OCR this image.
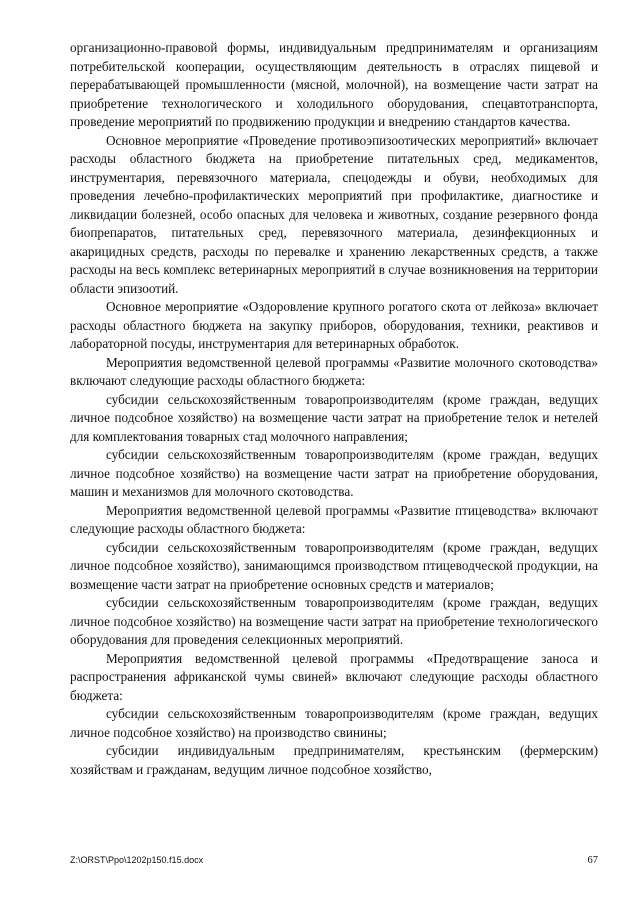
организационно-правовой формы, индивидуальным предпринимателям и организациям потребительской кооперации, осуществляющим деятельность в отраслях пищевой и перерабатывающей промышленности (мясной, молочной), на возмещение части затрат на приобретение технологического и холодильного оборудования, спецавтотранспорта, проведение мероприятий по продвижению продукции и внедрению стандартов качества.

Основное мероприятие «Проведение противоэпизоотических мероприятий» включает расходы областного бюджета на приобретение питательных сред, медикаментов, инструментария, перевязочного материала, спецодежды и обуви, необходимых для проведения лечебно-профилактических мероприятий при профилактике, диагностике и ликвидации болезней, особо опасных для человека и животных, создание резервного фонда биопрепаратов, питательных сред, перевязочного материала, дезинфекционных и акарицидных средств, расходы по перевалке и хранению лекарственных средств, а также расходы на весь комплекс ветеринарных мероприятий в случае возникновения на территории области эпизоотий.

Основное мероприятие «Оздоровление крупного рогатого скота от лейкоза» включает расходы областного бюджета на закупку приборов, оборудования, техники, реактивов и лабораторной посуды, инструментария для ветеринарных обработок.

Мероприятия ведомственной целевой программы «Развитие молочного скотоводства» включают следующие расходы областного бюджета:

субсидии сельскохозяйственным товаропроизводителям (кроме граждан, ведущих личное подсобное хозяйство) на возмещение части затрат на приобретение телок и нетелей для комплектования товарных стад молочного направления;

субсидии сельскохозяйственным товаропроизводителям (кроме граждан, ведущих личное подсобное хозяйство) на возмещение части затрат на приобретение оборудования, машин и механизмов для молочного скотоводства.

Мероприятия ведомственной целевой программы «Развитие птицеводства» включают следующие расходы областного бюджета:

субсидии сельскохозяйственным товаропроизводителям (кроме граждан, ведущих личное подсобное хозяйство), занимающимся производством птицеводческой продукции, на возмещение части затрат на приобретение основных средств и материалов;

субсидии сельскохозяйственным товаропроизводителям (кроме граждан, ведущих личное подсобное хозяйство) на возмещение части затрат на приобретение технологического оборудования для проведения селекционных мероприятий.

Мероприятия ведомственной целевой программы «Предотвращение заноса и распространения африканской чумы свиней» включают следующие расходы областного бюджета:

субсидии сельскохозяйственным товаропроизводителям (кроме граждан, ведущих личное подсобное хозяйство) на производство свинины;

субсидии индивидуальным предпринимателям, крестьянским (фермерским) хозяйствам и гражданам, ведущим личное подсобное хозяйство,

Z:\ORST\Ppo\1202p150.f15.docx	67
